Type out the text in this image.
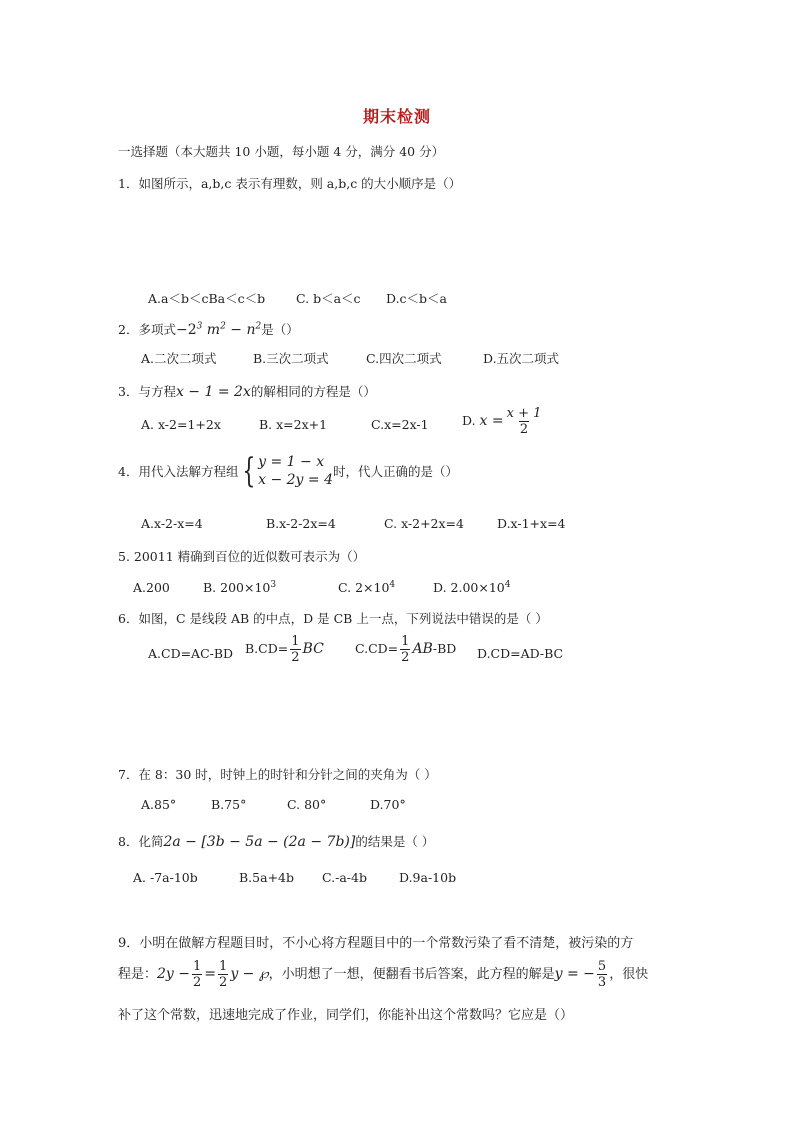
期末检测
一选择题（本大题共 10 小题，每小题 4 分，满分 40 分）
1．如图所示，a,b,c 表示有理数，则 a,b,c 的大小顺序是（）
A.a＜b＜cBa＜c＜b C. b＜a＜c D.c＜b＜a
2．多项式$-2^3$ $m^2 - n^2$是（）
A.二次二项式	B.三次二项式	C.四次二项式	D.五次二项式
3．与方程x − 1 = 2x的解相同的方程是（）
A. x-2=1+2x	B. x=2x+1	C.x=2x-1	D. $x = \frac{x + 1}{2}$
4．用代入法解方程组 { y = 1 − x
x − 2y = 4
时，代人正确的是（）
A.x-2-x=4	B.x-2-2x=4	C. x-2+2x=4	D.x-1+x=4
5. 20011 精确到百位的近似数可表示为（）
A.200	B. $200\times 10^3$	C. $2\times 10^4$	D. $2.00\times 10^4$
6．如图，C 是线段 AB 的中点，D 是 CB 上一点，下列说法中错误的是（ ）
A.CD=AC-BD $B.CD= \frac{1}{2}$ BC $C.CD= \frac{1}{2} AB-BD$ D.CD=AD-BC
7．在 8：30 时，时钟上的时针和分针之间的夹角为（ ）
A.85°	B.75°	C. 80°	D.70°
8．化简2a − [3b − 5a − (2a − 7b)]的结果是（ ）
A. -7a-10b	B.5a+4b C.-a-4b	D.9a-10b
9．小明在做解方程题目时，不小心将方程题目中的一个常数污染了看不清楚，被污染的方
程是：$2y - \frac{1}{2} = \frac{1}{2}$ y − ℘，小明想了一想，便翻看书后答案，此方程的解是y = − $\frac{5}{3}$ ，很快
补了这个常数，迅速地完成了作业，同学们，你能补出这个常数吗？它应是（）
